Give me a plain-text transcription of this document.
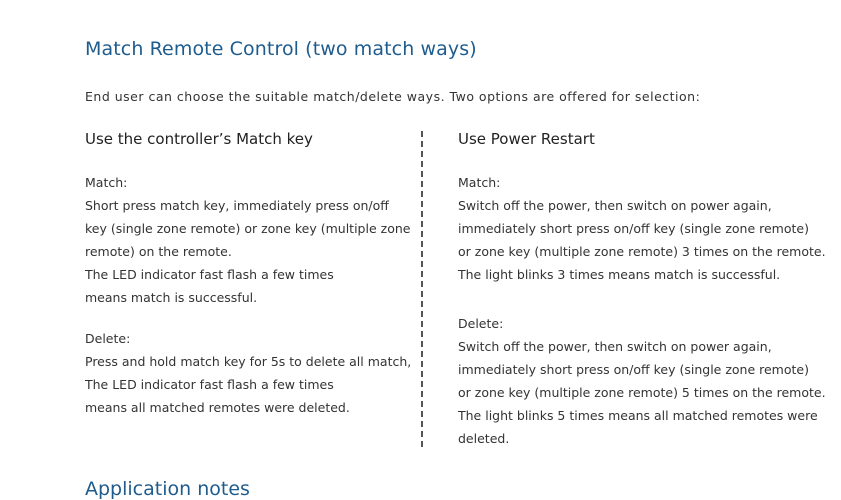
Match Remote Control (two match ways)
End user can choose the suitable match/delete ways. Two options are offered for selection:
Use the controller’s Match key
Match:
Short press match key, immediately press on/off
key (single zone remote) or zone key (multiple zone
remote) on the remote.
The LED indicator fast flash a few times
means match is successful.
Delete:
Press and hold match key for 5s to delete all match,
The LED indicator fast flash a few times
means all matched remotes were deleted.
Use Power Restart
Match:
Switch off the power, then switch on power again,
immediately short press on/off key (single zone remote)
or zone key (multiple zone remote) 3 times on the remote.
The light blinks 3 times means match is successful.
Delete:
Switch off the power, then switch on power again,
immediately short press on/off key (single zone remote)
or zone key (multiple zone remote) 5 times on the remote.
The light blinks 5 times means all matched remotes were
deleted.
Application notes
